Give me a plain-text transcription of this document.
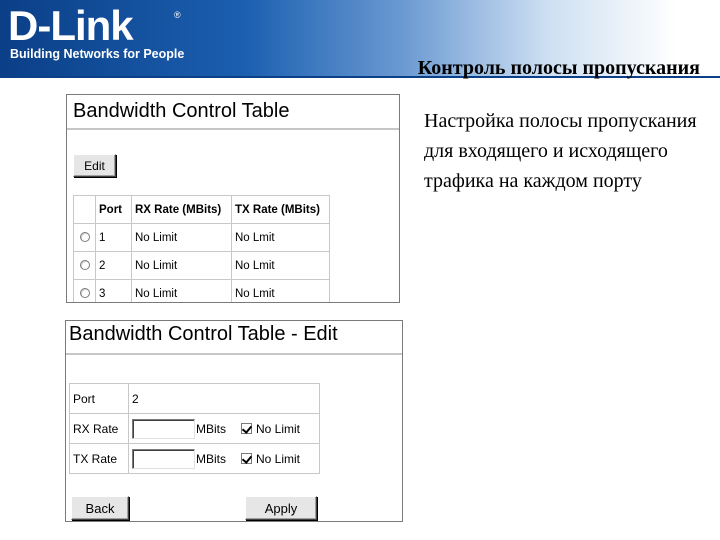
D-Link	®
Building Networks for People
Контроль полосы пропускания
Настройка полосы пропускания для входящего и исходящего трафика на каждом порту
Bandwidth Control Table
Edit
	Port	RX Rate (MBits)	TX Rate (MBits)
	1	No Limit	No Lmit
	2	No Limit	No Lmit
	3	No Limit	No Lmit
Bandwidth Control Table - Edit
Port	2
RX Rate	MBits No Limit
TX Rate	MBits No Limit
Back	Apply
